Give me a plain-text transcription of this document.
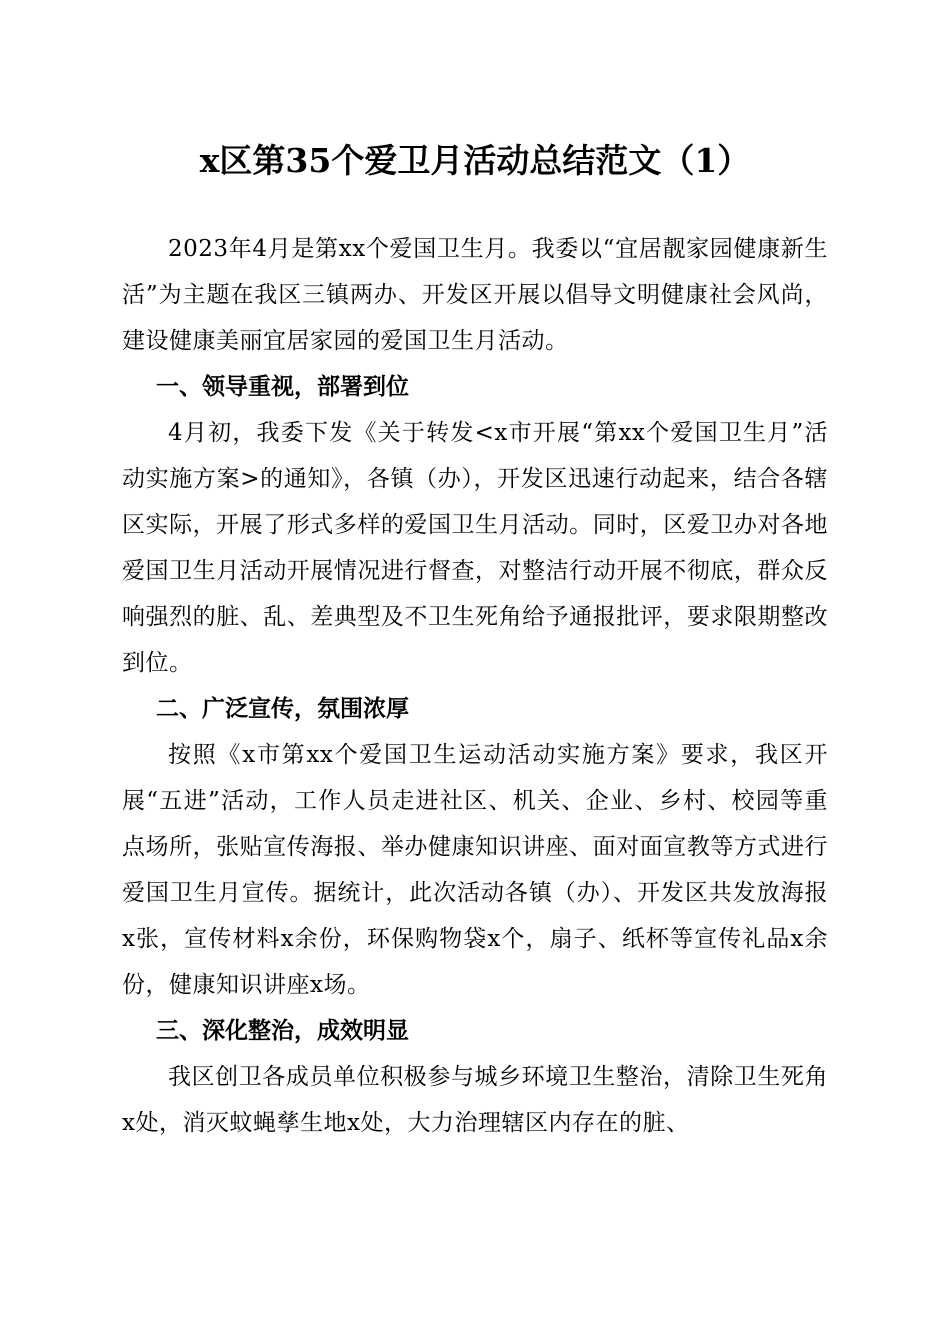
x区第35个爱卫月活动总结范文（1）

2023年4月是第xx个爱国卫生月。我委以“宜居靓家园健康新生活”为主题在我区三镇两办、开发区开展以倡导文明健康社会风尚，建设健康美丽宜居家园的爱国卫生月活动。

一、领导重视，部署到位

4月初，我委下发《关于转发<x市开展“第xx个爱国卫生月”活动实施方案>的通知》，各镇（办），开发区迅速行动起来，结合各辖区实际，开展了形式多样的爱国卫生月活动。同时，区爱卫办对各地爱国卫生月活动开展情况进行督查，对整洁行动开展不彻底，群众反响强烈的脏、乱、差典型及不卫生死角给予通报批评，要求限期整改到位。

二、广泛宣传，氛围浓厚

按照《x市第xx个爱国卫生运动活动实施方案》要求，我区开展“五进”活动，工作人员走进社区、机关、企业、乡村、校园等重点场所，张贴宣传海报、举办健康知识讲座、面对面宣教等方式进行爱国卫生月宣传。据统计，此次活动各镇（办）、开发区共发放海报x张，宣传材料x余份，环保购物袋x个，扇子、纸杯等宣传礼品x余份，健康知识讲座x场。

三、深化整治，成效明显

我区创卫各成员单位积极参与城乡环境卫生整治，清除卫生死角x处，消灭蚊蝇孳生地x处，大力治理辖区内存在的脏、
